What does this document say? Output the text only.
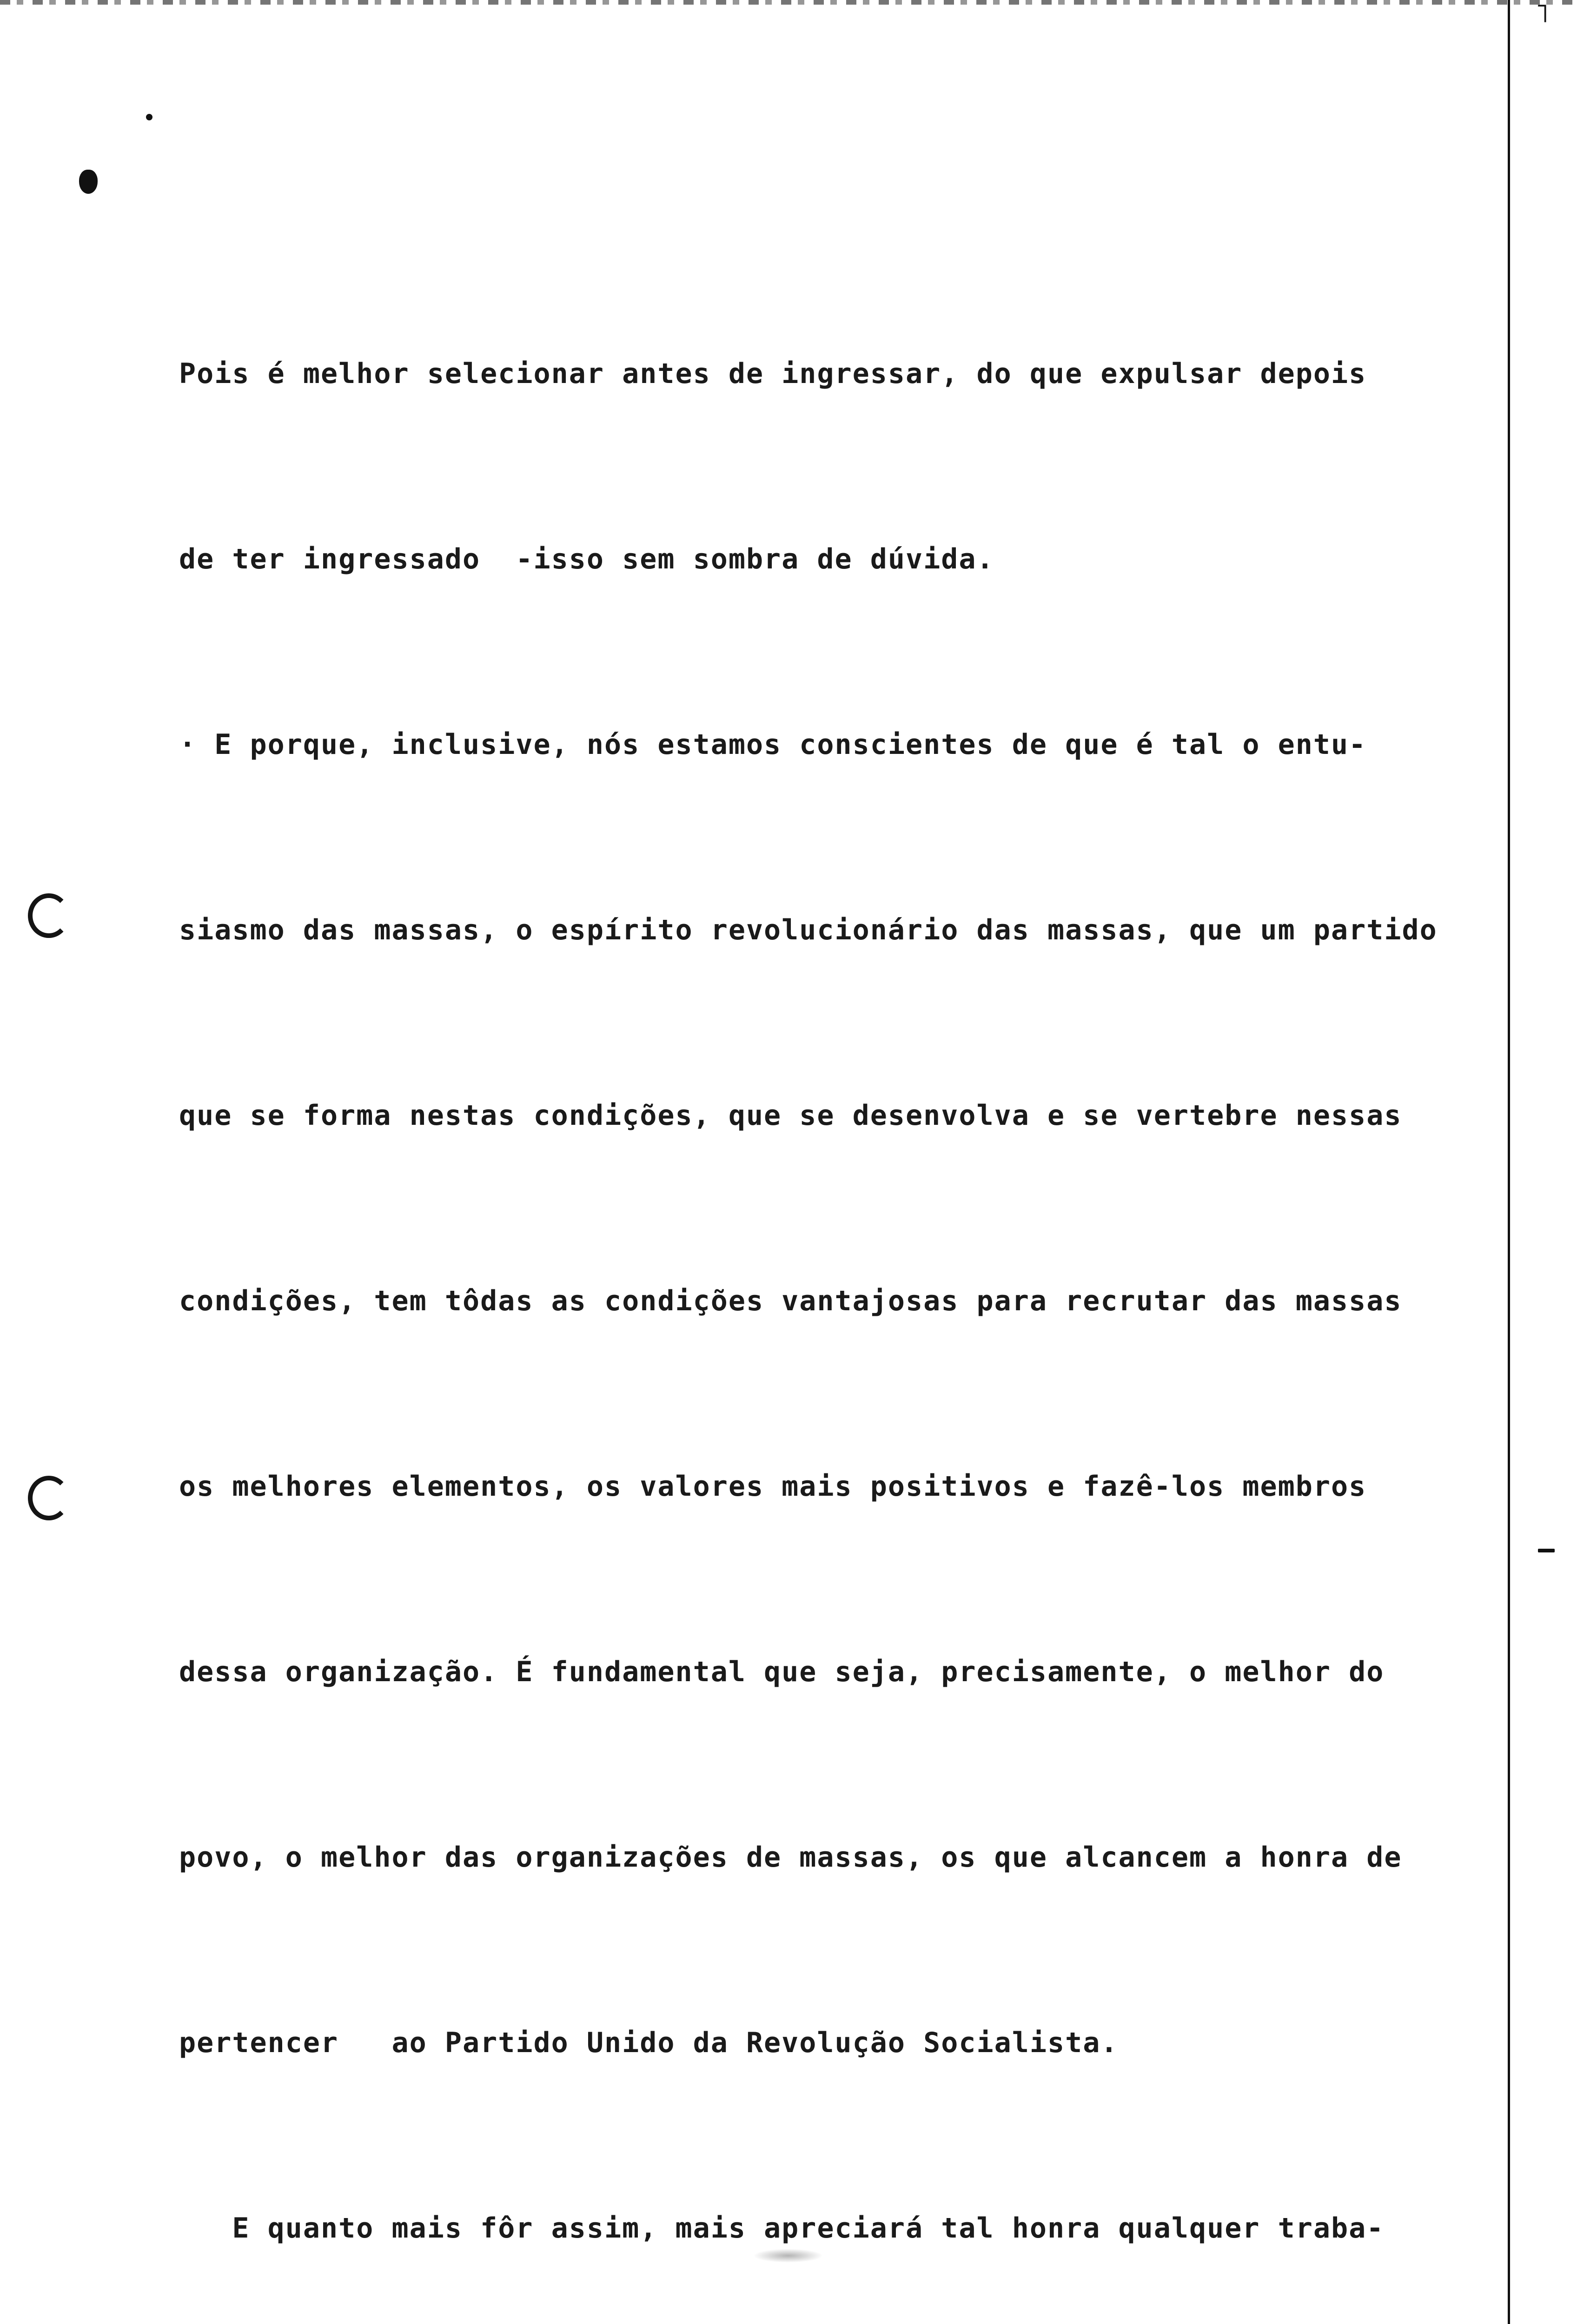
˥

Pois é melhor selecionar antes de ingressar, do que expulsar depois

de ter ingressado  -isso sem sombra de dúvida.

· E porque, inclusive, nós estamos conscientes de que é tal o entu-

siasmo das massas, o espírito revolucionário das massas, que um partido

que se forma nestas condições, que se desenvolva e se vertebre nessas

condições, tem tôdas as condições vantajosas para recrutar das massas

os melhores elementos, os valores mais positivos e fazê-los membros

dessa organização. É fundamental que seja, precisamente, o melhor do

povo, o melhor das organizações de massas, os que alcancem a honra de

pertencer   ao Partido Unido da Revolução Socialista.

E quanto mais fôr assim, mais apreciará tal honra qualquer traba-
